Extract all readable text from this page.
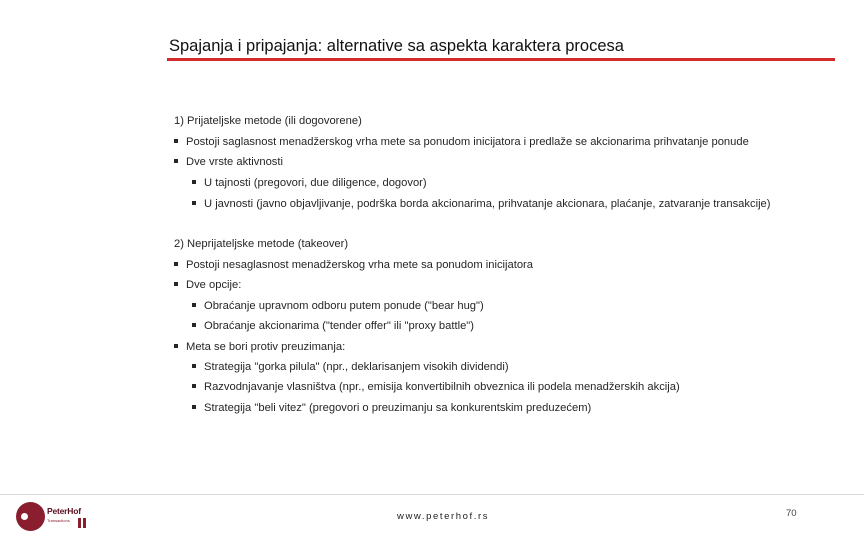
Spajanja i pripajanja: alternative sa aspekta karaktera procesa
1) Prijateljske metode (ili dogovorene)
Postoji saglasnost menadžerskog vrha mete sa ponudom inicijatora i predlaže se akcionarima prihvatanje ponude
Dve vrste aktivnosti
U tajnosti (pregovori, due diligence, dogovor)
U javnosti (javno objavljivanje, podrška borda akcionarima, prihvatanje akcionara, plaćanje, zatvaranje transakcije)
2) Neprijateljske metode (takeover)
Postoji nesaglasnost menadžerskog vrha mete sa ponudom inicijatora
Dve opcije:
Obraćanje upravnom odboru putem ponude ("bear hug")
Obraćanje akcionarima ("tender offer" ili "proxy battle")
Meta se bori protiv preuzimanja:
Strategija "gorka pilula" (npr., deklarisanjem visokih dividendi)
Razvodnjavanje vlasništva (npr., emisija konvertibilnih obveznica ili podela menadžerskih akcija)
Strategija "beli vitez" (pregovori o preuzimanju sa konkurentskim preduzećem)
PeterHof
Transactions	www.peterhof.rs	70
